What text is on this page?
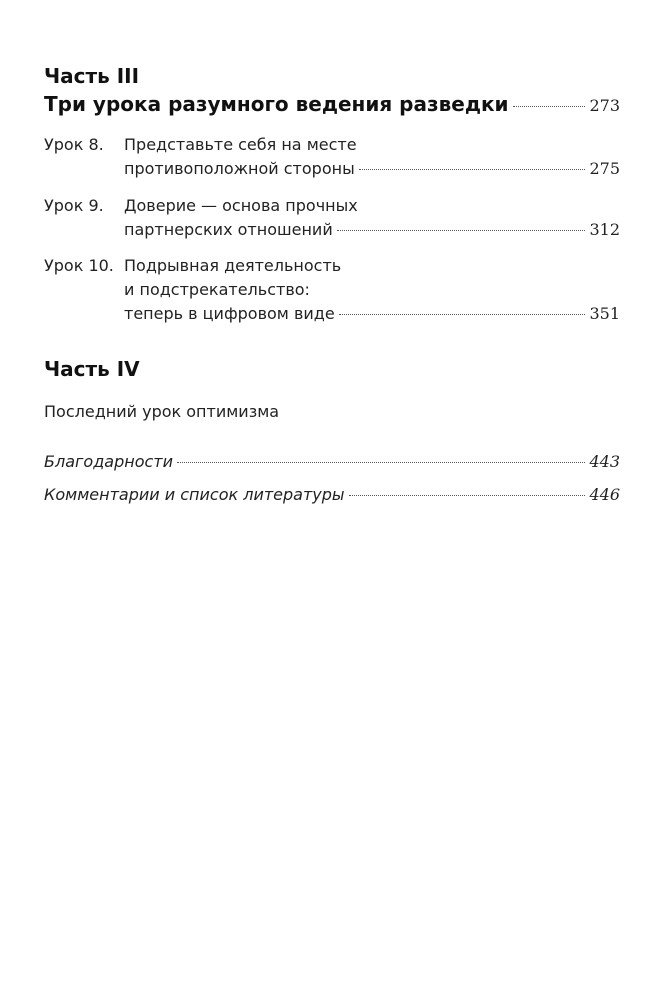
Часть III
Три урока разумного ведения разведки	273
Урок 8.	Представьте себя на месте
противоположной стороны	275
Урок 9.	Доверие — основа прочных
партнерских отношений	312
Урок 10. Подрывная деятельность
и подстрекательство:
теперь в цифровом виде	351
Часть IV
Последний урок оптимизма
Благодарности	443
Комментарии и список литературы	446
